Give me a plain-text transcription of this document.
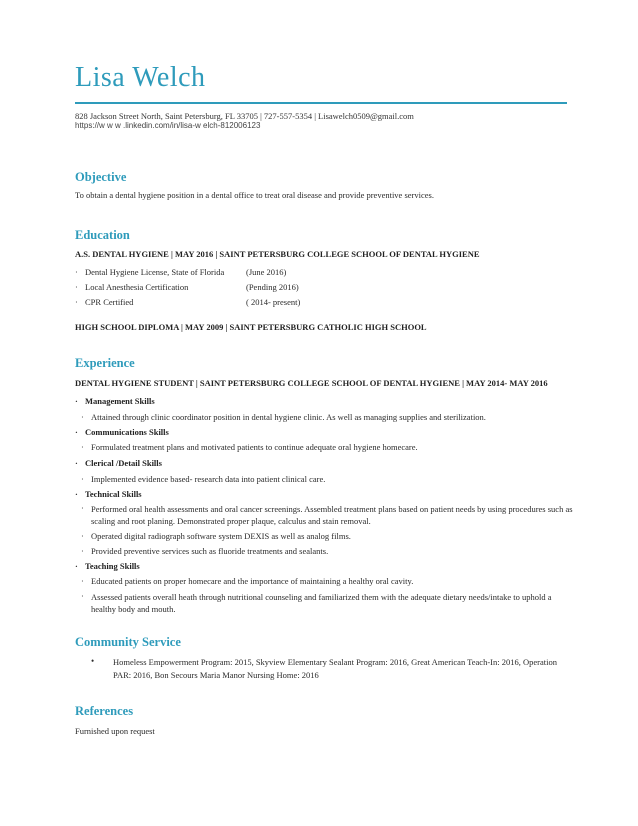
Lisa Welch
828 Jackson Street North, Saint Petersburg, FL 33705 | 727-557-5354 | Lisawelch0509@gmail.com
https://w w w .linkedin.com/in/lisa-w elch-812006123
Objective
To obtain a dental hygiene position in a dental office to treat oral disease and provide preventive services.
Education
A.S. DENTAL HYGIENE | MAY 2016 | SAINT PETERSBURG COLLEGE SCHOOL OF DENTAL HYGIENE
· Dental Hygiene License, State of Florida	(June 2016)
· Local Anesthesia Certification	(Pending 2016)
· CPR Certified	( 2014- present)
HIGH SCHOOL DIPLOMA | MAY 2009 | SAINT PETERSBURG CATHOLIC HIGH SCHOOL
Experience
DENTAL HYGIENE STUDENT | SAINT PETERSBURG COLLEGE SCHOOL OF DENTAL HYGIENE | MAY 2014- MAY 2016
· Management Skills
· Attained through clinic coordinator position in dental hygiene clinic. As well as managing supplies and sterilization.
· Communications Skills
· Formulated treatment plans and motivated patients to continue adequate oral hygiene homecare.
· Clerical /Detail Skills
· Implemented evidence based- research data into patient clinical care.
· Technical Skills
· Performed oral health assessments and oral cancer screenings. Assembled treatment plans based on patient needs by using procedures such as scaling and root planing. Demonstrated proper plaque, calculus and stain removal.
· Operated digital radiograph software system DEXIS as well as analog films.
· Provided preventive services such as fluoride treatments and sealants.
· Teaching Skills
· Educated patients on proper homecare and the importance of maintaining a healthy oral cavity.
· Assessed patients overall heath through nutritional counseling and familiarized them with the adequate dietary needs/intake to uphold a healthy body and mouth.
Community Service
• Homeless Empowerment Program: 2015, Skyview Elementary Sealant Program: 2016, Great American Teach-In: 2016, Operation PAR: 2016, Bon Secours Maria Manor Nursing Home: 2016
References
Furnished upon request
